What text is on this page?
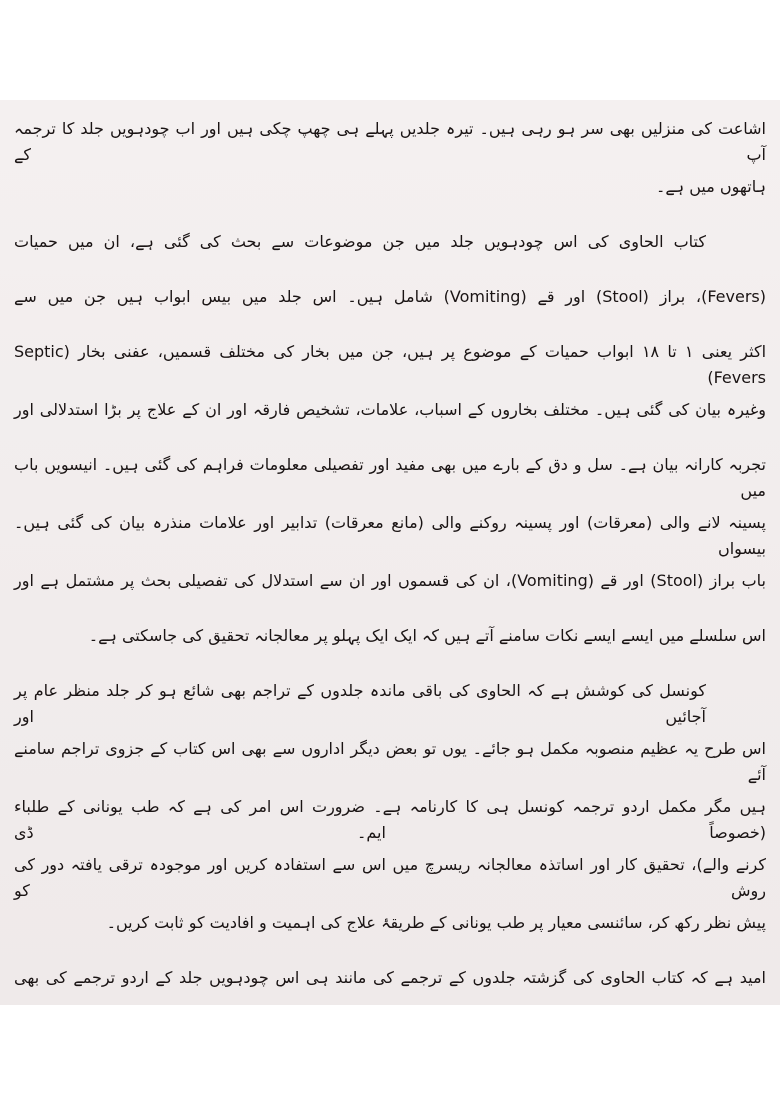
اشاعت کی منزلیں بھی سر ہو رہی ہیں۔ تیرہ جلدیں پہلے ہی چھپ چکی ہیں اور اب چودہویں جلد کا ترجمہ آپ کے
ہاتھوں میں ہے۔
کتاب الحاوی کی اس چودہویں جلد میں جن موضوعات سے بحث کی گئی ہے، ان میں حمیات
(Fevers)، براز (Stool) اور قے (Vomiting) شامل ہیں۔ اس جلد میں بیس ابواب ہیں جن میں سے
اکثر یعنی ۱ تا ۱۸ ابواب حمیات کے موضوع پر ہیں، جن میں بخار کی مختلف قسمیں، عفنی بخار (Septic Fevers)
وغیرہ بیان کی گئی ہیں۔ مختلف بخاروں کے اسباب، علامات، تشخیص فارقہ اور ان کے علاج پر بڑا استدلالی اور
تجربہ کارانہ بیان ہے۔ سل و دق کے بارے میں بھی مفید اور تفصیلی معلومات فراہم کی گئی ہیں۔ انیسویں باب میں
پسینہ لانے والی (معرقات) اور پسینہ روکنے والی (مانع معرقات) تدابیر اور علامات منذرہ بیان کی گئی ہیں۔ بیسواں
باب براز (Stool) اور قے (Vomiting)، ان کی قسموں اور ان سے استدلال کی تفصیلی بحث پر مشتمل ہے اور
اس سلسلے میں ایسے ایسے نکات سامنے آتے ہیں کہ ایک ایک پہلو پر معالجانہ تحقیق کی جاسکتی ہے۔
کونسل کی کوشش ہے کہ الحاوی کی باقی ماندہ جلدوں کے تراجم بھی شائع ہو کر جلد منظر عام پر آجائیں اور
اس طرح یہ عظیم منصوبہ مکمل ہو جائے۔ یوں تو بعض دیگر اداروں سے بھی اس کتاب کے جزوی تراجم سامنے آئے
ہیں مگر مکمل اردو ترجمہ کونسل ہی کا کارنامہ ہے۔ ضرورت اس امر کی ہے کہ طب یونانی کے طلباء (خصوصاً ایم۔ ڈی
کرنے والے)، تحقیق کار اور اساتذہ معالجانہ ریسرچ میں اس سے استفادہ کریں اور موجودہ ترقی یافتہ دور کی روش کو
پیش نظر رکھ کر، سائنسی معیار پر طب یونانی کے طریقۂ علاج کی اہمیت و افادیت کو ثابت کریں۔
امید ہے کہ کتاب الحاوی کی گزشتہ جلدوں کے ترجمے کی مانند ہی اس چودہویں جلد کے اردو ترجمے کی بھی
